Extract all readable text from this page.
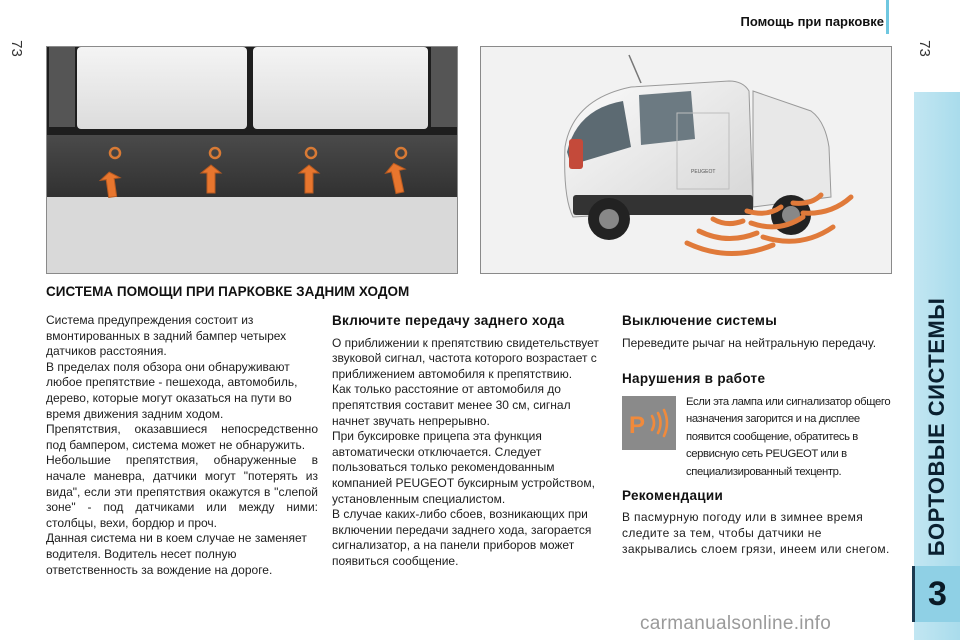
73	73
Помощь при парковке
БОРТОВЫЕ СИСТЕМЫ
3
PEUGEOT
СИСТЕМА ПОМОЩИ ПРИ ПАРКОВКЕ ЗАДНИМ ХОДОМ

Система предупреждения состоит из вмонтированных в задний бампер четырех датчиков расстояния.

В пределах поля обзора они обнаруживают любое препятствие - пешехода, автомобиль, дерево, которые могут оказаться на пути во время движения задним ходом.

Препятствия, оказавшиеся непосредственно под бампером, система может не обнаружить.

Небольшие препятствия, обнаруженные в начале маневра, датчики могут "потерять из вида", если эти препятствия окажутся в "слепой зоне" - под датчиками или между ними: столбцы, вехи, бордюр и проч.

Данная система ни в коем случае не заменяет водителя. Водитель несет полную ответственность за вождение на дороге.

Включите передачу заднего хода

О приближении к препятствию свидетельствует звуковой сигнал, частота которого возрастает с приближением автомобиля к препятствию.

Как только расстояние от автомобиля до препятствия составит менее 30 см, сигнал начнет звучать непрерывно.

При буксировке прицепа эта функция автоматически отключается. Следует пользоваться только рекомендованным компанией PEUGEOT буксирным устройством, установленным специалистом.

В случае каких-либо сбоев, возникающих при включении передачи заднего хода, загорается сигнализатор, а на панели приборов может появиться сообщение.

Выключение системы

Переведите рычаг на нейтральную передачу.

Нарушения в работе
P
Если эта лампа или сигнализатор общего назначения загорится и на дисплее появится сообщение, обратитесь в сервисную сеть PEUGEOT или в специализированный техцентр.
Рекомендации

В пасмурную погоду или в зимнее время следите за тем, чтобы датчики не закрывались слоем грязи, инеем или снегом.

carmanualsonline.info
